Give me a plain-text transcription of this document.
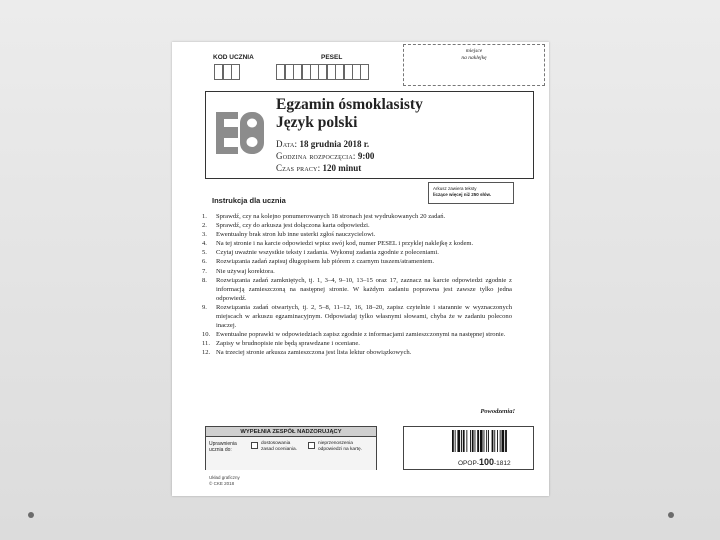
KOD UCZNIA	PESEL
miejsce
na naklejkę
Egzamin ósmoklasisty
Język polski
Data: 18 grudnia 2018 r.
Godzina rozpoczęcia: 9:00
Czas pracy: 120 minut
Arkusz zawiera teksty
liczące więcej niż 250 słów.
Instrukcja dla ucznia
1.	Sprawdź, czy na kolejno ponumerowanych 18 stronach jest wydrukowanych 20 zadań.
2.	Sprawdź, czy do arkusza jest dołączona karta odpowiedzi.
3.	Ewentualny brak stron lub inne usterki zgłoś nauczycielowi.
4.	Na tej stronie i na karcie odpowiedzi wpisz swój kod, numer PESEL i przyklej naklejkę z kodem.
5.	Czytaj uważnie wszystkie teksty i zadania. Wykonuj zadania zgodnie z poleceniami.
6.	Rozwiązania zadań zapisuj długopisem lub piórem z czarnym tuszem/atramentem.
7.	Nie używaj korektora.
8.	Rozwiązania zadań zamkniętych, tj. 1, 3–4, 9–10, 13–15 oraz 17, zaznacz na karcie odpowiedzi zgodnie z informacją zamieszczoną na następnej stronie. W każdym zadaniu poprawna jest zawsze tylko jedna odpowiedź.
9.	Rozwiązania zadań otwartych, tj. 2, 5–8, 11–12, 16, 18–20, zapisz czytelnie i starannie w wyznaczonych miejscach w arkuszu egzaminacyjnym. Odpowiadaj tylko własnymi słowami, chyba że w zadaniu polecono inaczej.
10. Ewentualne poprawki w odpowiedziach zapisz zgodnie z informacjami zamieszczonymi na następnej stronie.
11. Zapisy w brudnopisie nie będą sprawdzane i oceniane.
12. Na trzeciej stronie arkusza zamieszczona jest lista lektur obowiązkowych.
Powodzenia!
WYPEŁNIA ZESPÓŁ NADZORUJĄCY
Uprawnienia
ucznia do:
dostosowania
zasad oceniania.
nieprzenoszenia
odpowiedzi na kartę.
OPOP-100-1812
Układ graficzny
© CKE 2018
